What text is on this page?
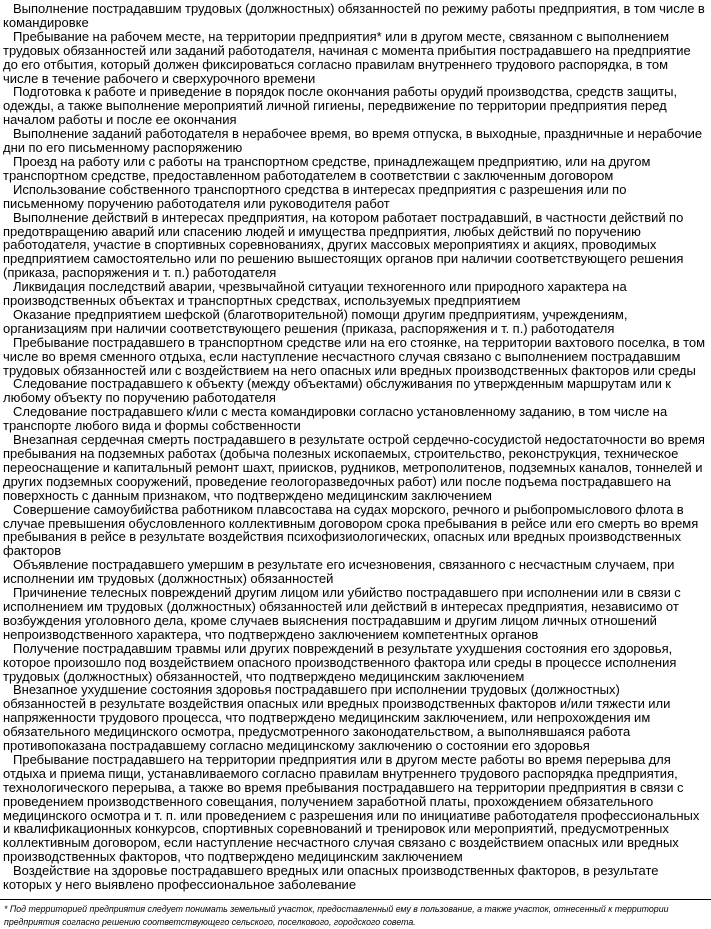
Выполнение пострадавшим трудовых (должностных) обязанностей по режиму работы предприятия, в том числе в командировке

Пребывание на рабочем месте, на территории предприятия* или в другом месте, связанном с выполнением трудовых обязанностей или заданий работодателя, начиная с момента прибытия пострадавшего на предприятие до его отбытия, который должен фиксироваться согласно правилам внутреннего трудового распорядка, в том числе в течение рабочего и сверхурочного времени

Подготовка к работе и приведение в порядок после окончания работы орудий производства, средств защиты, одежды, а также выполнение мероприятий личной гигиены, передвижение по территории предприятия перед началом работы и после ее окончания

Выполнение заданий работодателя в нерабочее время, во время отпуска, в выходные, праздничные и нерабочие дни по его письменному распоряжению

Проезд на работу или с работы на транспортном средстве, принадлежащем предприятию, или на другом транспортном средстве, предоставленном работодателем в соответствии с заключенным договором

Использование собственного транспортного средства в интересах предприятия с разрешения или по письменному поручению работодателя или руководителя работ

Выполнение действий в интересах предприятия, на котором работает пострадавший, в частности действий по предотвращению аварий или спасению людей и имущества предприятия, любых действий по поручению работодателя, участие в спортивных соревнованиях, других массовых мероприятиях и акциях, проводимых предприятием самостоятельно или по решению вышестоящих органов при наличии соответствующего решения (приказа, распоряжения и т. п.) работодателя

Ликвидация последствий аварии, чрезвычайной ситуации техногенного или природного характера на производственных объектах и транспортных средствах, используемых предприятием

Оказание предприятием шефской (благотворительной) помощи другим предприятиям, учреждениям, организациям при наличии соответствующего решения (приказа, распоряжения и т. п.) работодателя

Пребывание пострадавшего в транспортном средстве или на его стоянке, на территории вахтового поселка, в том числе во время сменного отдыха, если наступление несчастного случая связано с выполнением пострадавшим трудовых обязанностей или с воздействием на него опасных или вредных производственных факторов или среды

Следование пострадавшего к объекту (между объектами) обслуживания по утвержденным маршрутам или к любому объекту по поручению работодателя

Следование пострадавшего к/или с места командировки согласно установленному заданию, в том числе на транспорте любого вида и формы собственности

Внезапная сердечная смерть пострадавшего в результате острой сердечно-сосудистой недостаточности во время пребывания на подземных работах (добыча полезных ископаемых, строительство, реконструкция, техническое переоснащение и капитальный ремонт шахт, приисков, рудников, метрополитенов, подземных каналов, тоннелей и других подземных сооружений, проведение геологоразведочных работ) или после подъема пострадавшего на поверхность с данным признаком, что подтверждено медицинским заключением

Совершение самоубийства работником плавсостава на судах морского, речного и рыбопромыслового флота в случае превышения обусловленного коллективным договором срока пребывания в рейсе или его смерть во время пребывания в рейсе в результате воздействия психофизиологических, опасных или вредных производственных факторов

Объявление пострадавшего умершим в результате его исчезновения, связанного с несчастным случаем, при исполнении им трудовых (должностных) обязанностей

Причинение телесных повреждений другим лицом или убийство пострадавшего при исполнении или в связи с исполнением им трудовых (должностных) обязанностей или действий в интересах предприятия, независимо от возбуждения уголовного дела, кроме случаев выяснения пострадавшим и другим лицом личных отношений непроизводственного характера, что подтверждено заключением компетентных органов

Получение пострадавшим травмы или других повреждений в результате ухудшения состояния его здоровья, которое произошло под воздействием опасного производственного фактора или среды в процессе исполнения трудовых (должностных) обязанностей, что подтверждено медицинским заключением

Внезапное ухудшение состояния здоровья пострадавшего при исполнении трудовых (должностных) обязанностей в результате воздействия опасных или вредных производственных факторов и/или тяжести или напряженности трудового процесса, что подтверждено медицинским заключением, или непрохождения им обязательного медицинского осмотра, предусмотренного законодательством, а выполнявшаяся работа противопоказана пострадавшему согласно медицинскому заключению о состоянии его здоровья

Пребывание пострадавшего на территории предприятия или в другом месте работы во время перерыва для отдыха и приема пищи, устанавливаемого согласно правилам внутреннего трудового распорядка предприятия, технологического перерыва, а также во время пребывания пострадавшего на территории предприятия в связи с проведением производственного совещания, получением заработной платы, прохождением обязательного медицинского осмотра и т. п. или проведением с разрешения или по инициативе работодателя профессиональных и квалификационных конкурсов, спортивных соревнований и тренировок или мероприятий, предусмотренных коллективным договором, если наступление несчастного случая связано с воздействием опасных или вредных производственных факторов, что подтверждено медицинским заключением

Воздействие на здоровье пострадавшего вредных или опасных производственных факторов, в результате которых у него выявлено профессиональное заболевание

* Под территорией предприятия следует понимать земельный участок, предоставленный ему в пользование, а также участок, отнесенный к территории предприятия согласно решению соответствующего сельского, поселкового, городского совета.
